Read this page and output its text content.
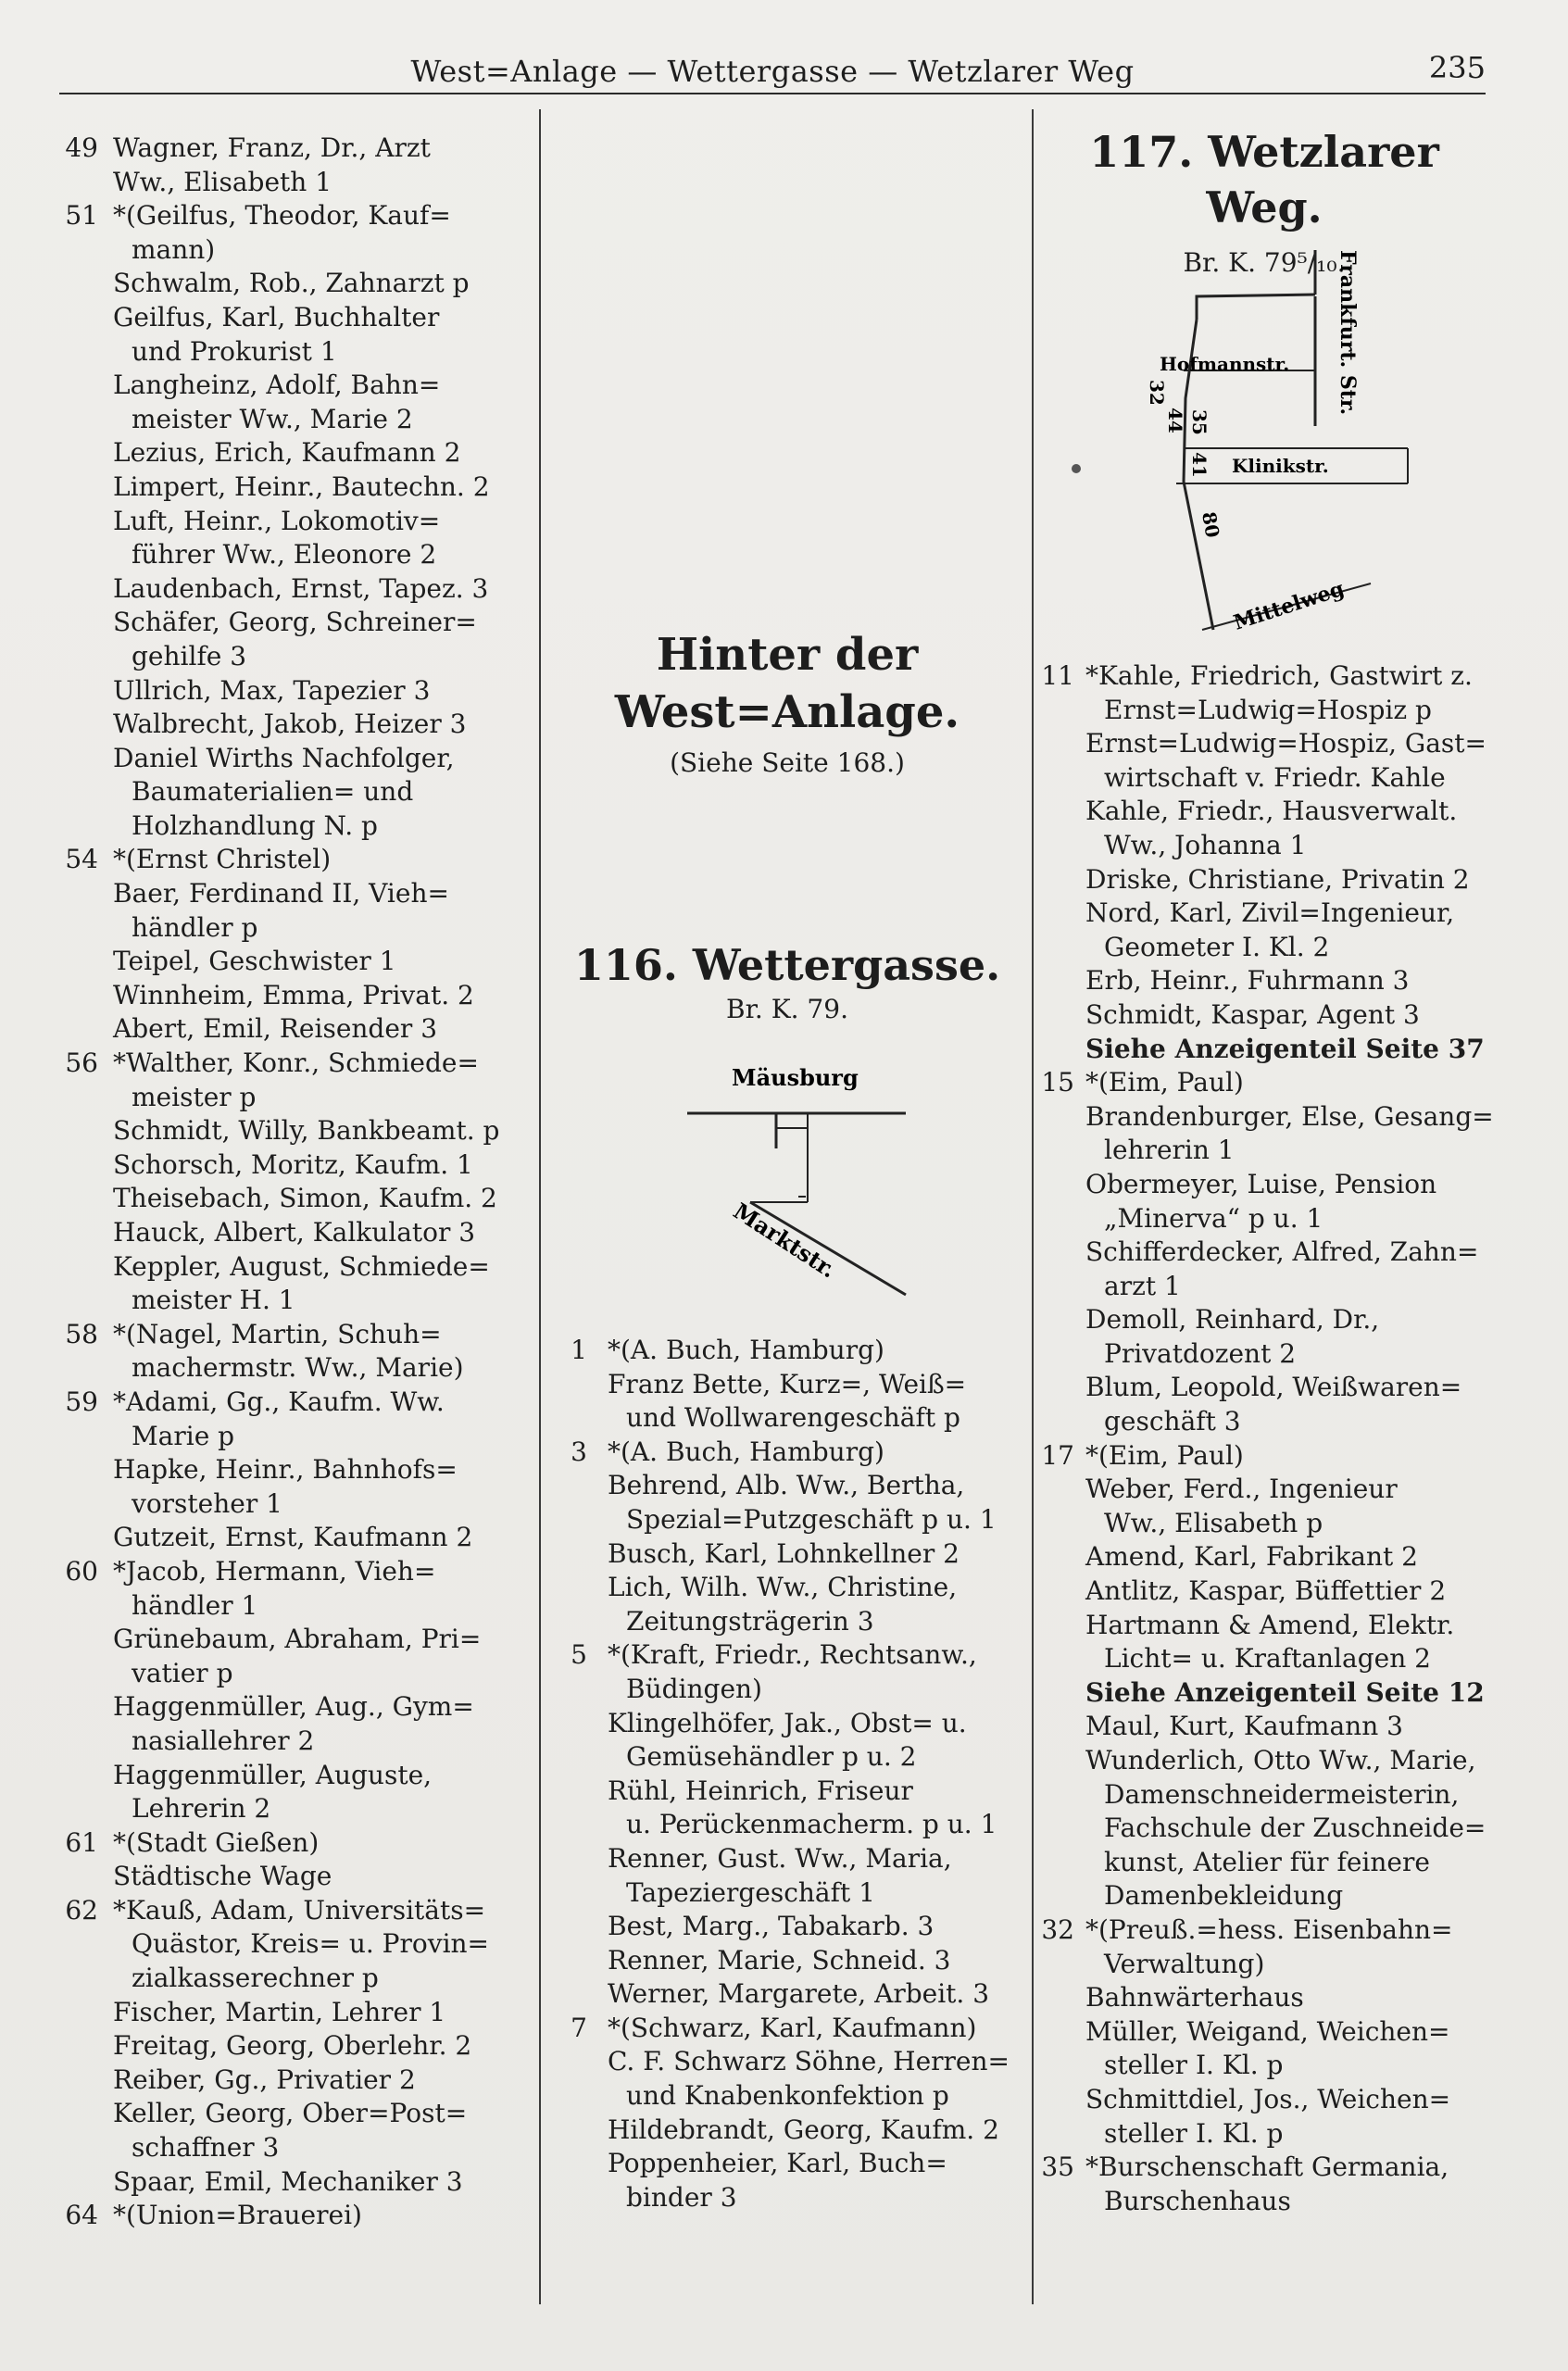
West=Anlage — Wettergasse — Wetzlarer Weg	235
49 Wagner, Franz, Dr., Arzt
Ww., Elisabeth 1
51 *(Geilfus, Theodor, Kauf=
mann)
Schwalm, Rob., Zahnarzt p
Geilfus, Karl, Buchhalter
und Prokurist 1
Langheinz, Adolf, Bahn=
meister Ww., Marie 2
Lezius, Erich, Kaufmann 2
Limpert, Heinr., Bautechn. 2
Luft, Heinr., Lokomotiv=
führer Ww., Eleonore 2
Laudenbach, Ernst, Tapez. 3
Schäfer, Georg, Schreiner=
gehilfe 3
Ullrich, Max, Tapezier 3
Walbrecht, Jakob, Heizer 3
Daniel Wirths Nachfolger,
Baumaterialien= und
Holzhandlung N. p
54 *(Ernst Christel)
Baer, Ferdinand II, Vieh=
händler p
Teipel, Geschwister 1
Winnheim, Emma, Privat. 2
Abert, Emil, Reisender 3
56 *Walther, Konr., Schmiede=
meister p
Schmidt, Willy, Bankbeamt. p
Schorsch, Moritz, Kaufm. 1
Theisebach, Simon, Kaufm. 2
Hauck, Albert, Kalkulator 3
Keppler, August, Schmiede=
meister H. 1
58 *(Nagel, Martin, Schuh=
machermstr. Ww., Marie)
59 *Adami, Gg., Kaufm. Ww.
Marie p
Hapke, Heinr., Bahnhofs=
vorsteher 1
Gutzeit, Ernst, Kaufmann 2
60 *Jacob, Hermann, Vieh=
händler 1
Grünebaum, Abraham, Pri=
vatier p
Haggenmüller, Aug., Gym=
nasiallehrer 2
Haggenmüller, Auguste,
Lehrerin 2
61 *(Stadt Gießen)
Städtische Wage
62 *Kauß, Adam, Universitäts=
Quästor, Kreis= u. Provin=
zialkasserechner p
Fischer, Martin, Lehrer 1
Freitag, Georg, Oberlehr. 2
Reiber, Gg., Privatier 2
Keller, Georg, Ober=Post=
schaffner 3
Spaar, Emil, Mechaniker 3
64 *(Union=Brauerei)
Hinter der
West=Anlage.
(Siehe Seite 168.)
116. Wettergasse.
Br. K. 79.
Mäusburg
Marktstr.
1 *(A. Buch, Hamburg)
Franz Bette, Kurz=, Weiß=
und Wollwarengeschäft p
3 *(A. Buch, Hamburg)
Behrend, Alb. Ww., Bertha,
Spezial=Putzgeschäft p u. 1
Busch, Karl, Lohnkellner 2
Lich, Wilh. Ww., Christine,
Zeitungsträgerin 3
5 *(Kraft, Friedr., Rechtsanw.,
Büdingen)
Klingelhöfer, Jak., Obst= u.
Gemüsehändler p u. 2
Rühl, Heinrich, Friseur
u. Perückenmacherm. p u. 1
Renner, Gust. Ww., Maria,
Tapeziergeschäft 1
Best, Marg., Tabakarb. 3
Renner, Marie, Schneid. 3
Werner, Margarete, Arbeit. 3
7 *(Schwarz, Karl, Kaufmann)
C. F. Schwarz Söhne, Herren=
und Knabenkonfektion p
Hildebrandt, Georg, Kaufm. 2
Poppenheier, Karl, Buch=
binder 3
117. Wetzlarer Weg.
Br. K. 79⁵/₁₀.
Frankfurt. Str.
Hofmannstr.
Klinikstr.
Mittelweg
32
44 35
41
80
11 *Kahle, Friedrich, Gastwirt z.
Ernst=Ludwig=Hospiz p
Ernst=Ludwig=Hospiz, Gast=
wirtschaft v. Friedr. Kahle
Kahle, Friedr., Hausverwalt.
Ww., Johanna 1
Driske, Christiane, Privatin 2
Nord, Karl, Zivil=Ingenieur,
Geometer I. Kl. 2
Erb, Heinr., Fuhrmann 3
Schmidt, Kaspar, Agent 3
Siehe Anzeigenteil Seite 37
15 *(Eim, Paul)
Brandenburger, Else, Gesang=
lehrerin 1
Obermeyer, Luise, Pension
„Minerva“ p u. 1
Schifferdecker, Alfred, Zahn=
arzt 1
Demoll, Reinhard, Dr.,
Privatdozent 2
Blum, Leopold, Weißwaren=
geschäft 3
17 *(Eim, Paul)
Weber, Ferd., Ingenieur
Ww., Elisabeth p
Amend, Karl, Fabrikant 2
Antlitz, Kaspar, Büffettier 2
Hartmann & Amend, Elektr.
Licht= u. Kraftanlagen 2
Siehe Anzeigenteil Seite 12
Maul, Kurt, Kaufmann 3
Wunderlich, Otto Ww., Marie,
Damenschneidermeisterin,
Fachschule der Zuschneide=
kunst, Atelier für feinere
Damenbekleidung
32 *(Preuß.=hess. Eisenbahn=
Verwaltung)
Bahnwärterhaus
Müller, Weigand, Weichen=
steller I. Kl. p
Schmittdiel, Jos., Weichen=
steller I. Kl. p
35 *Burschenschaft Germania,
Burschenhaus
